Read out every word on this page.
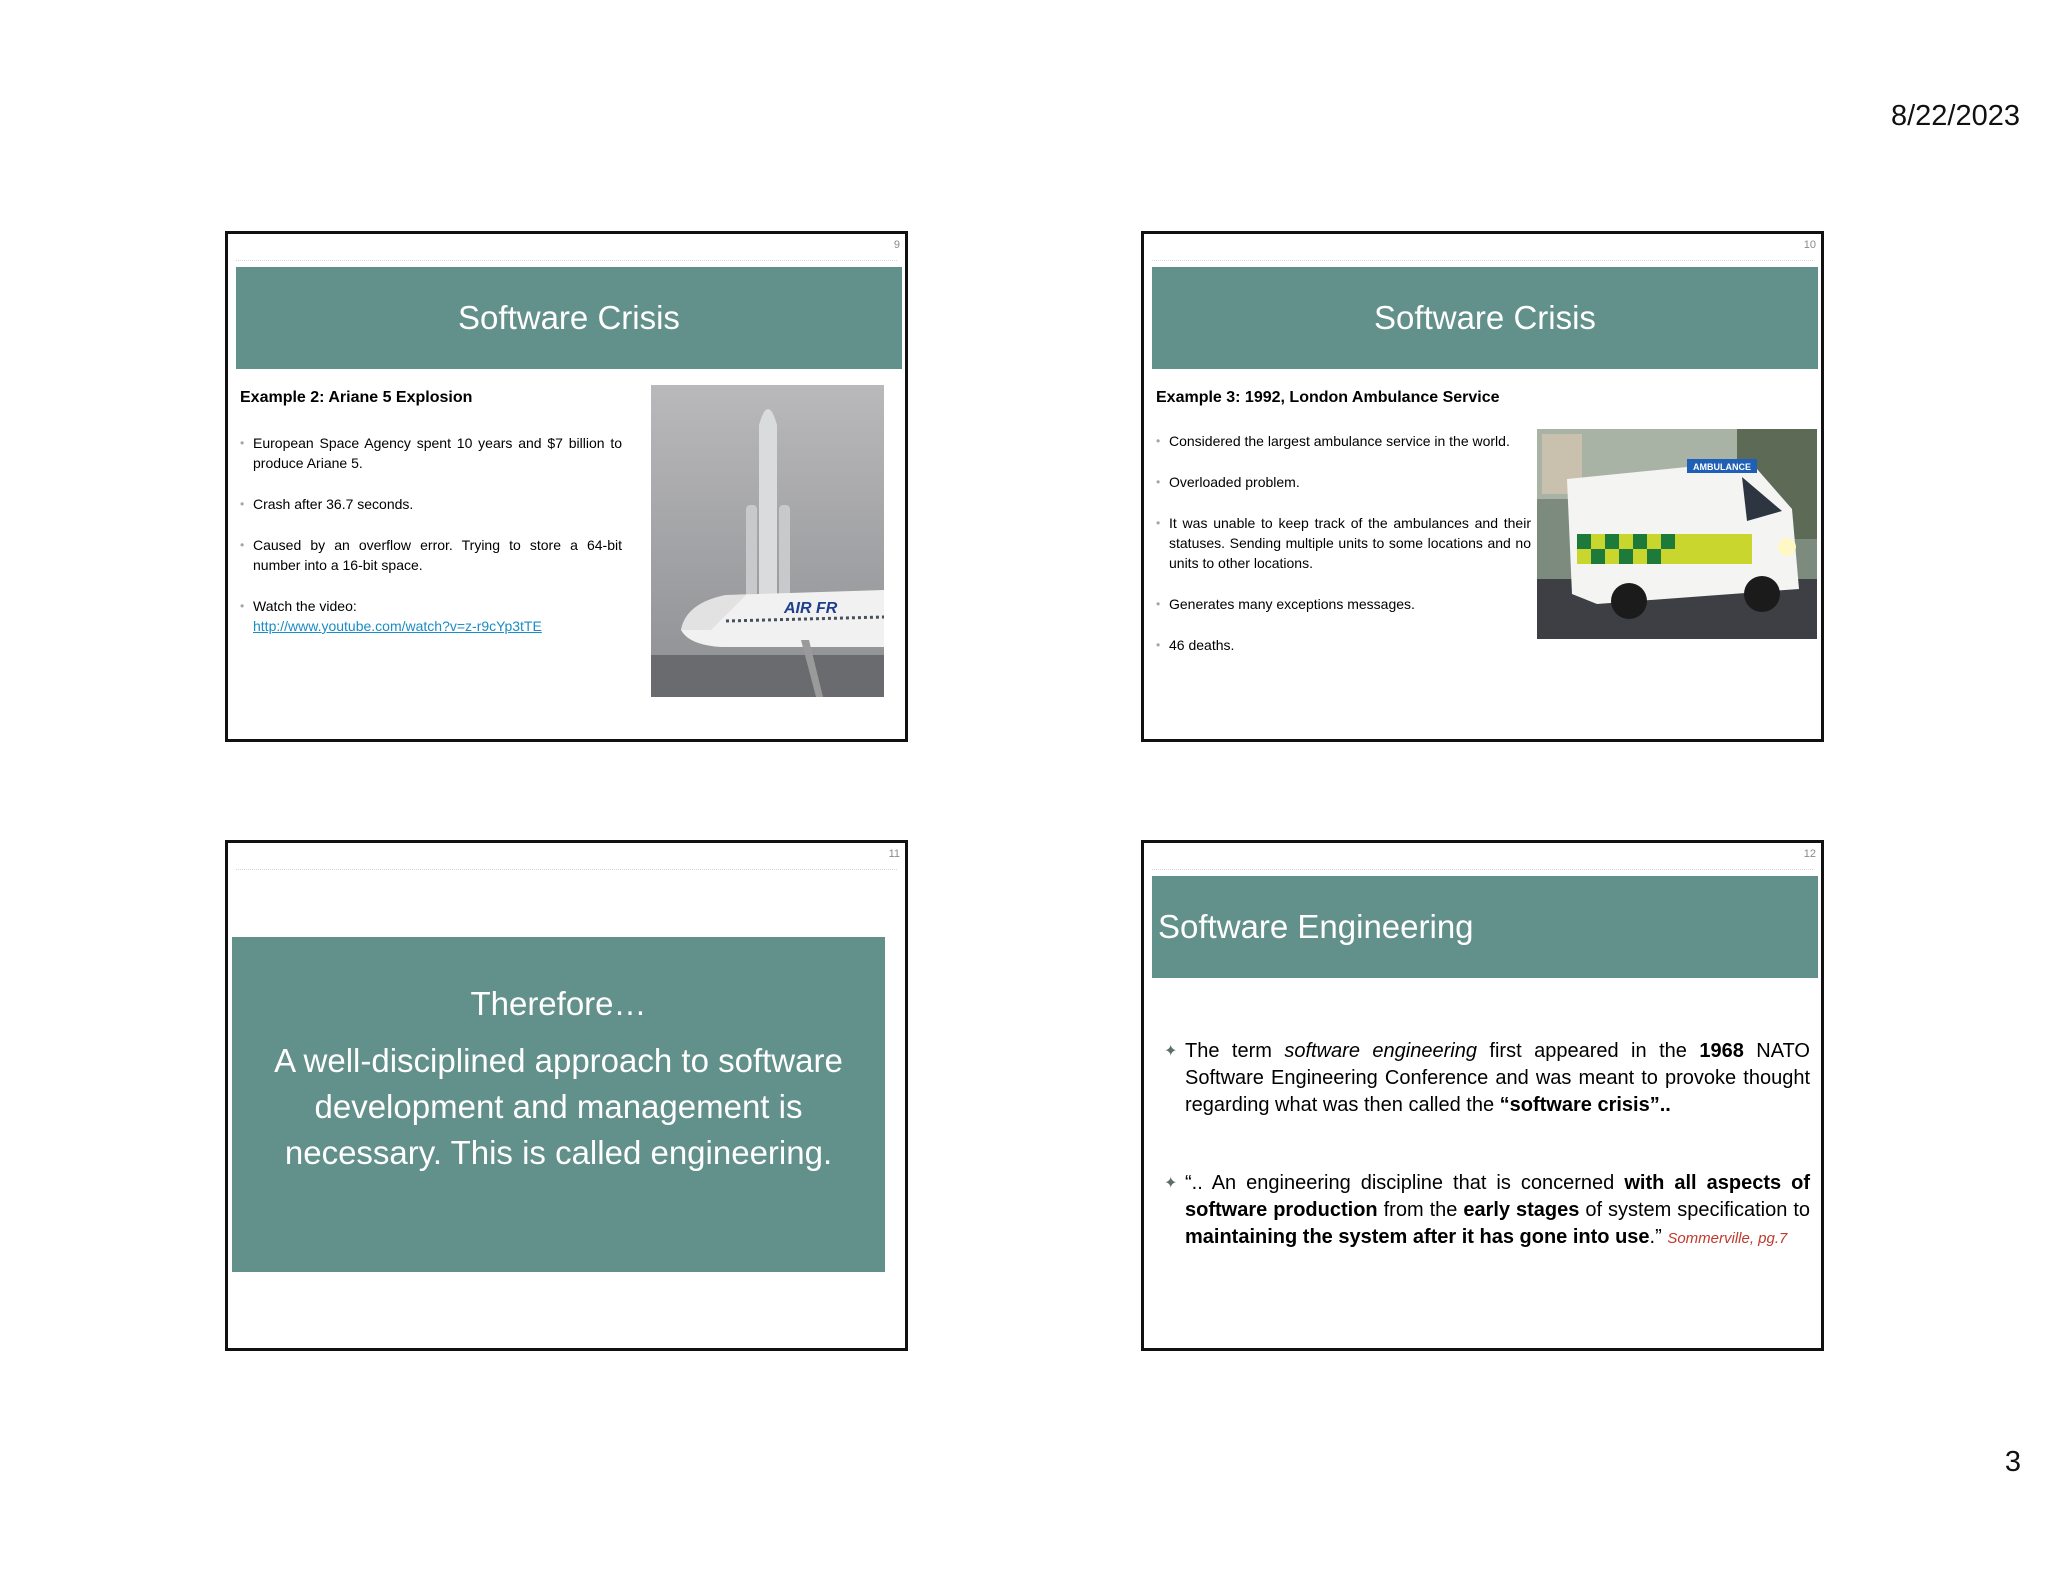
8/22/2023
9
Software Crisis
Example 2: Ariane 5 Explosion
• European Space Agency spent 10 years and $7 billion to produce Ariane 5.
• Crash after 36.7 seconds.
• Caused by an overflow error. Trying to store a 64-bit number into a 16-bit space.
• Watch the video:
http://www.youtube.com/watch?v=z-r9cYp3tTE
AIR FR
10
Software Crisis
Example 3: 1992, London Ambulance Service
• Considered the largest ambulance service in the world.
• Overloaded problem.
• It was unable to keep track of the ambulances and their statuses. Sending multiple units to some locations and no units to other locations.
• Generates many exceptions messages.
• 46 deaths.
AMBULANCE
11
Therefore…
A well-disciplined approach to software development and management is necessary. This is called engineering.
12
Software Engineering
✦ The term software engineering first appeared in the 1968 NATO Software Engineering Conference and was meant to provoke thought regarding what was then called the “software crisis”..
✦ “.. An engineering discipline that is concerned with all aspects of software production from the early stages of system specification to maintaining the system after it has gone into use.” Sommerville, pg.7
3
